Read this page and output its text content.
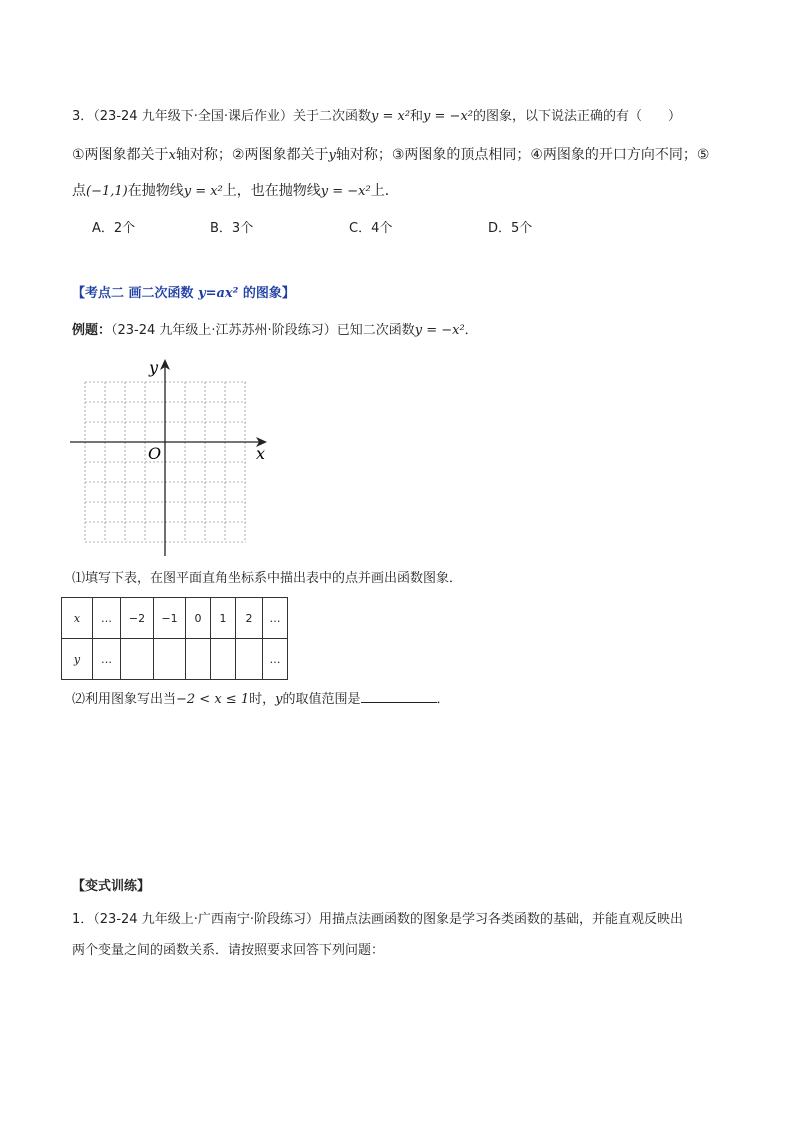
3．（23-24 九年级下·全国·课后作业）关于二次函数y = x²和y = −x²的图象，以下说法正确的有（　　）
①两图象都关于x轴对称；②两图象都关于y轴对称；③两图象的顶点相同；④两图象的开口方向不同；⑤
点(−1,1)在抛物线y = x²上，也在抛物线y = −x²上．
A．2个	B．3个	C．4个	D．5个
【考点二 画二次函数 y=ax² 的图象】
例题：（23-24 九年级上·江苏苏州·阶段练习）已知二次函数y = −x²．
y
x
O
⑴填写下表，在图平面直角坐标系中描出表中的点并画出函数图象．
x	…	−2	−1	0	1	2	…
y	…						…
⑵利用图象写出当−2 < x ≤ 1时，y的取值范围是	．
【变式训练】
1．（23-24 九年级上·广西南宁·阶段练习）用描点法画函数的图象是学习各类函数的基础，并能直观反映出
两个变量之间的函数关系．请按照要求回答下列问题：
